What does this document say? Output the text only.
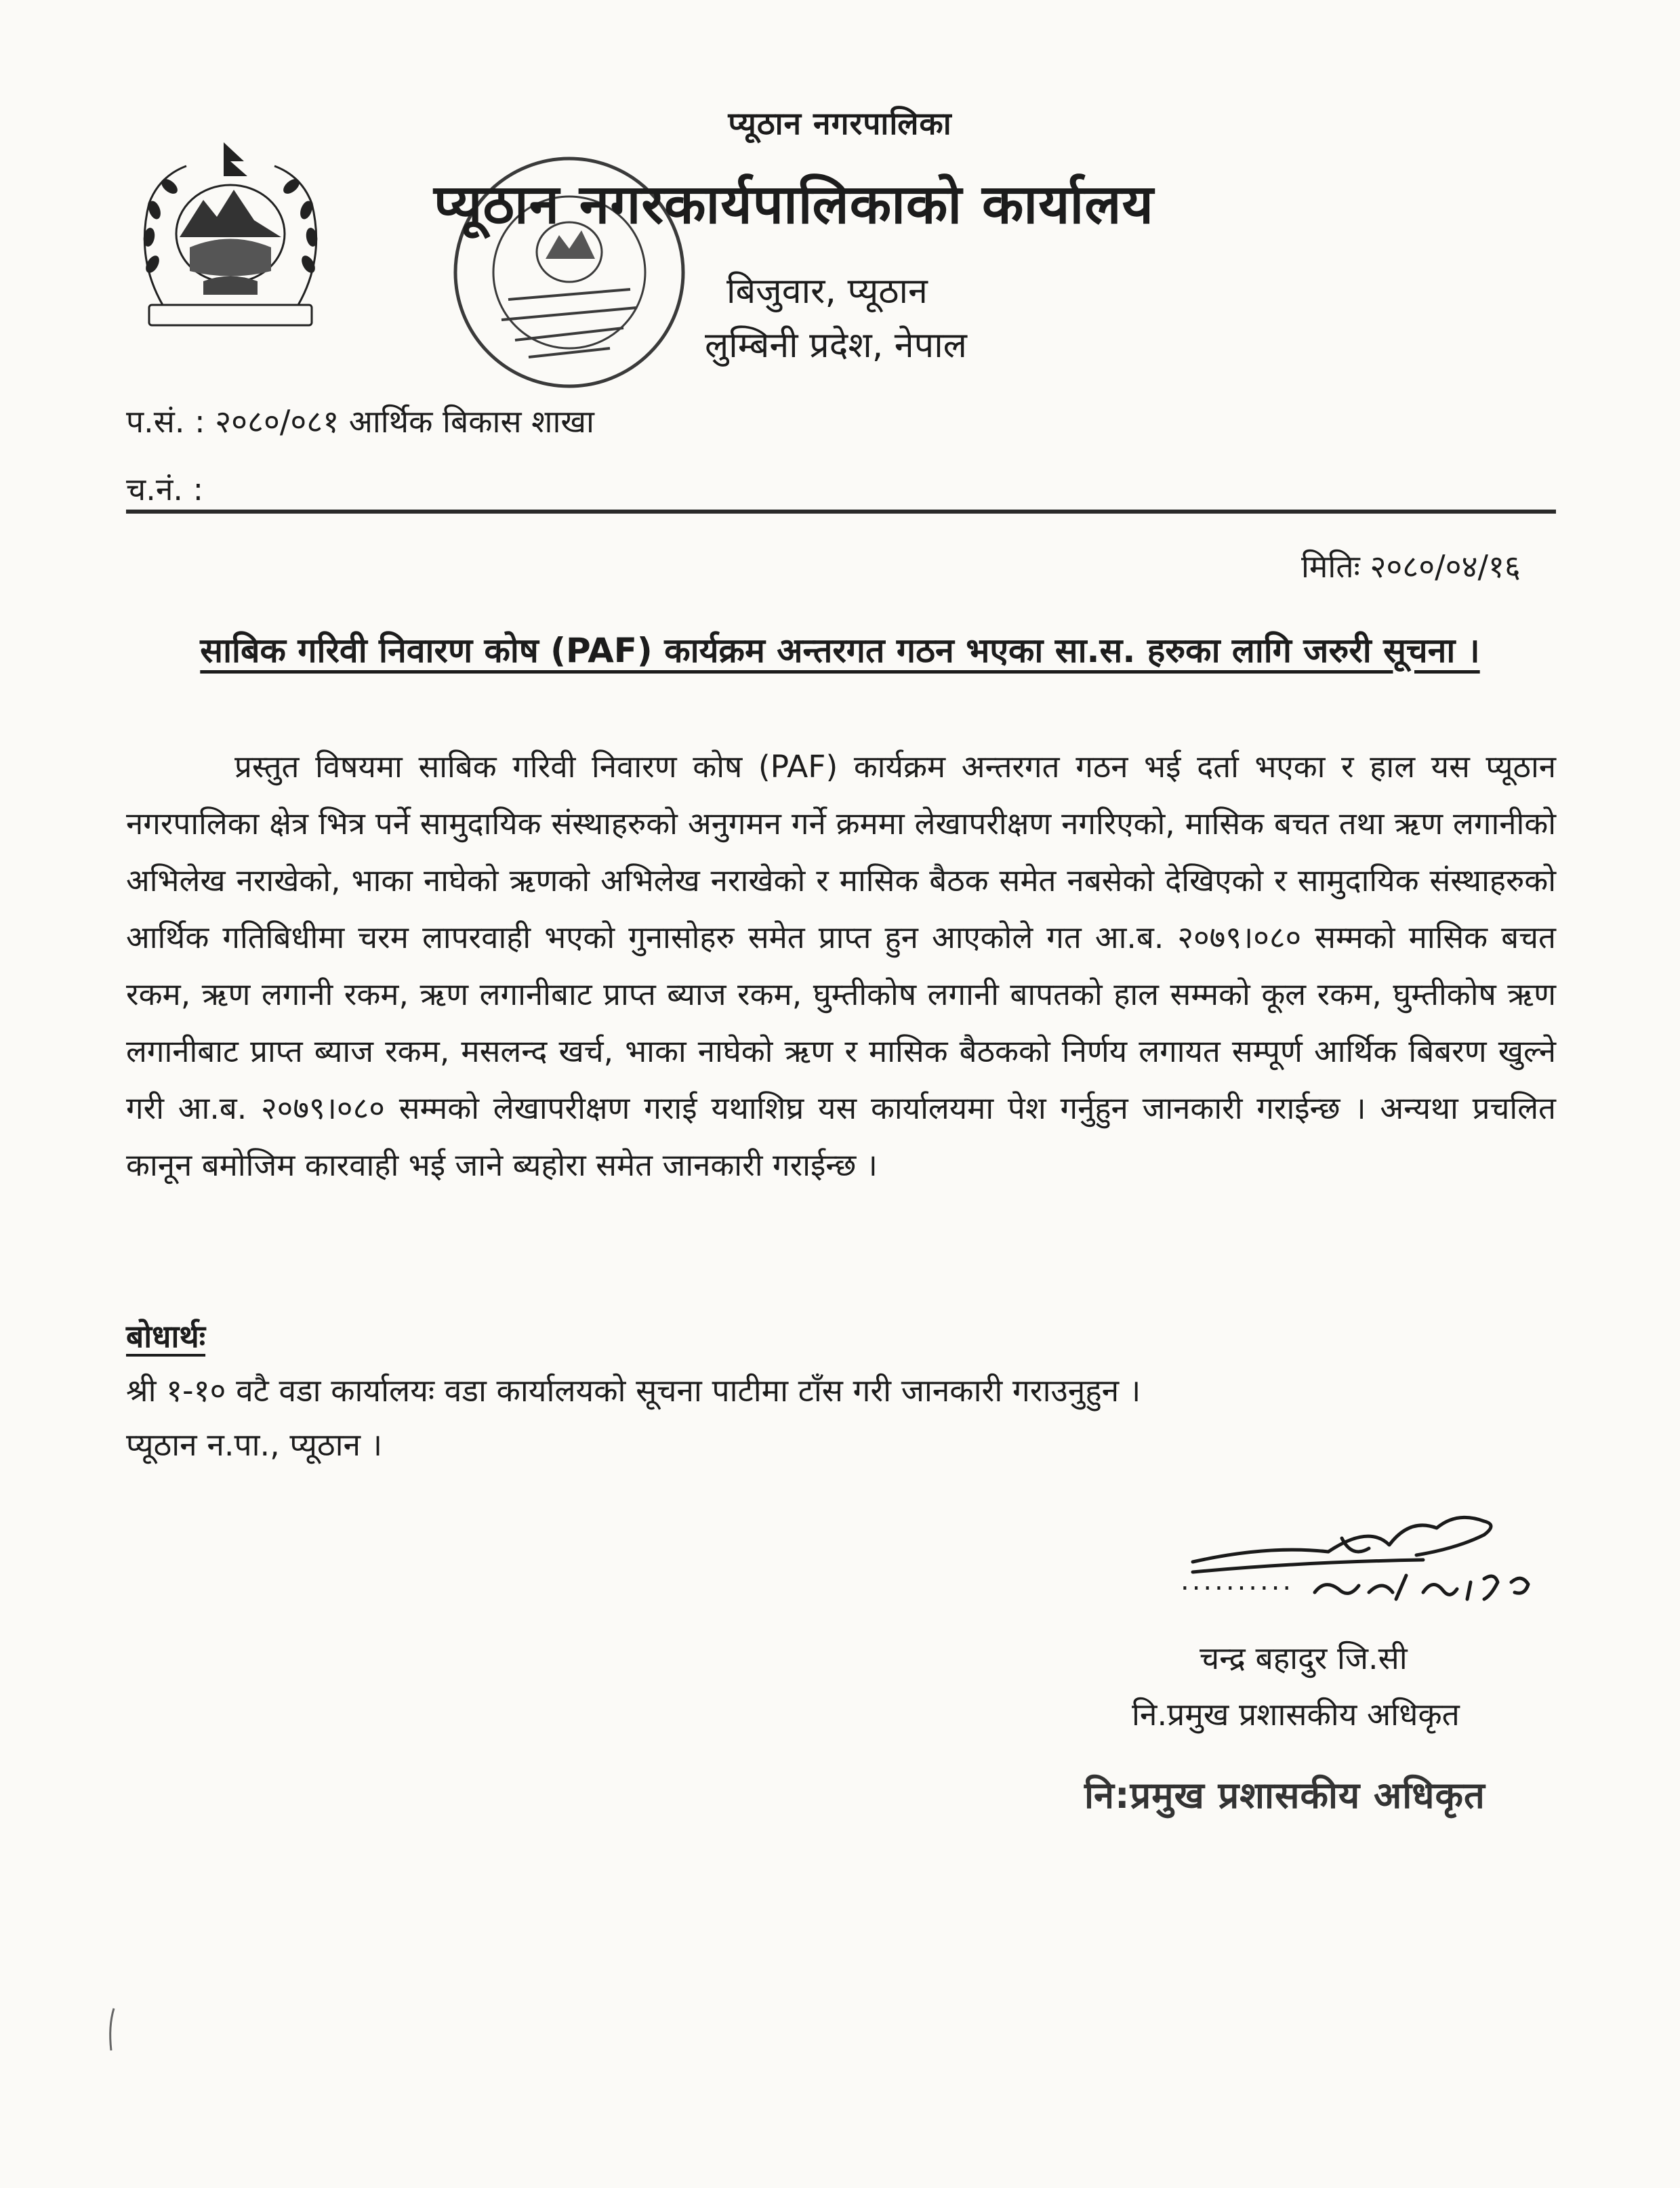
प्यूठान नगरपालिका
प्यूठान नगरकार्यपालिकाको कार्यालय
बिजुवार, प्यूठान
लुम्बिनी प्रदेश, नेपाल
प.सं. : २०८०/०८१ आर्थिक बिकास शाखा
च.नं. :
मितिः २०८०/०४/१६
साबिक गरिवी निवारण कोष (PAF) कार्यक्रम अन्तरगत गठन भएका सा.स. हरुका लागि जरुरी सूचना ।
प्रस्तुत विषयमा साबिक गरिवी निवारण कोष (PAF) कार्यक्रम अन्तरगत गठन भई दर्ता भएका र हाल यस प्यूठान नगरपालिका क्षेत्र भित्र पर्ने सामुदायिक संस्थाहरुको अनुगमन गर्ने क्रममा लेखापरीक्षण नगरिएको, मासिक बचत तथा ऋण लगानीको अभिलेख नराखेको, भाका नाघेको ऋणको अभिलेख नराखेको र मासिक बैठक समेत नबसेको देखिएको र सामुदायिक संस्थाहरुको आर्थिक गतिबिधीमा चरम लापरवाही भएको गुनासोहरु समेत प्राप्त हुन आएकोले गत आ.ब. २०७९।०८० सम्मको मासिक बचत रकम, ऋण लगानी रकम, ऋण लगानीबाट प्राप्त ब्याज रकम, घुम्तीकोष लगानी बापतको हाल सम्मको कूल रकम, घुम्तीकोष ऋण लगानीबाट प्राप्त ब्याज रकम, मसलन्द खर्च, भाका नाघेको ऋण र मासिक बैठकको निर्णय लगायत सम्पूर्ण आर्थिक बिबरण खुल्ने गरी आ.ब. २०७९।०८० सम्मको लेखापरीक्षण गराई यथाशिघ्र यस कार्यालयमा पेश गर्नुहुन जानकारी गराईन्छ । अन्यथा प्रचलित कानून बमोजिम कारवाही भई जाने ब्यहोरा समेत जानकारी गराईन्छ ।
बोधार्थः
श्री १-१० वटै वडा कार्यालयः वडा कार्यालयको सूचना पाटीमा टाँस गरी जानकारी गराउनुहुन ।
प्यूठान न.पा., प्यूठान ।
..........
चन्द्र बहादुर जि.सी
नि.प्रमुख प्रशासकीय अधिकृत
नि:प्रमुख प्रशासकीय अधिकृत
